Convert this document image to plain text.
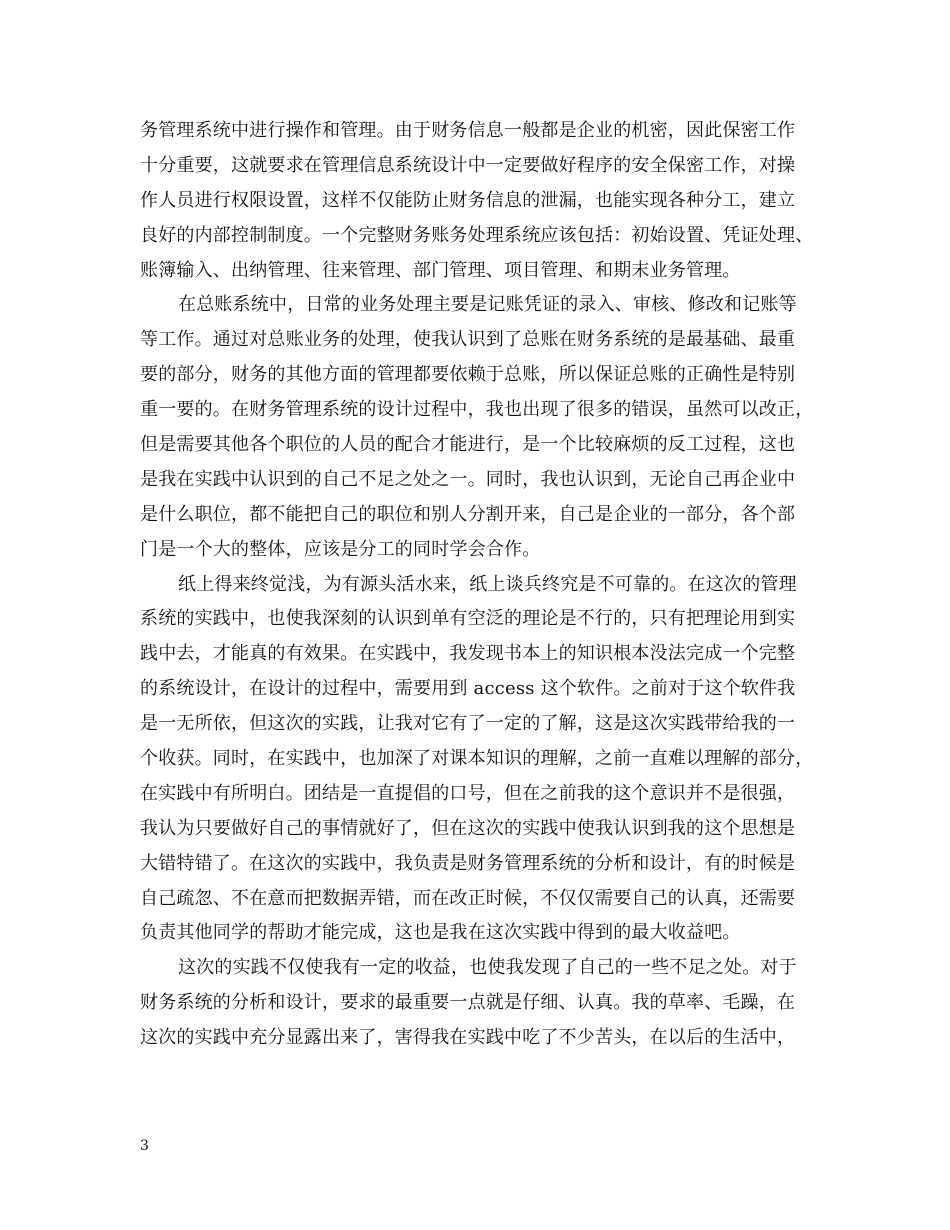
务管理系统中进行操作和管理。由于财务信息一般都是企业的机密，因此保密工作
十分重要，这就要求在管理信息系统设计中一定要做好程序的安全保密工作，对操
作人员进行权限设置，这样不仅能防止财务信息的泄漏，也能实现各种分工，建立
良好的内部控制制度。一个完整财务账务处理系统应该包括：初始设置、凭证处理、
账簿输入、出纳管理、往来管理、部门管理、项目管理、和期末业务管理。
在总账系统中，日常的业务处理主要是记账凭证的录入、审核、修改和记账等
等工作。通过对总账业务的处理，使我认识到了总账在财务系统的是最基础、最重
要的部分，财务的其他方面的管理都要依赖于总账，所以保证总账的正确性是特别
重一要的。在财务管理系统的设计过程中，我也出现了很多的错误，虽然可以改正，
但是需要其他各个职位的人员的配合才能进行，是一个比较麻烦的反工过程，这也
是我在实践中认识到的自己不足之处之一。同时，我也认识到，无论自己再企业中
是什么职位，都不能把自己的职位和别人分割开来，自己是企业的一部分，各个部
门是一个大的整体，应该是分工的同时学会合作。
纸上得来终觉浅，为有源头活水来，纸上谈兵终究是不可靠的。在这次的管理
系统的实践中，也使我深刻的认识到单有空泛的理论是不行的，只有把理论用到实
践中去，才能真的有效果。在实践中，我发现书本上的知识根本没法完成一个完整
的系统设计，在设计的过程中，需要用到 access 这个软件。之前对于这个软件我
是一无所依，但这次的实践，让我对它有了一定的了解，这是这次实践带给我的一
个收获。同时，在实践中，也加深了对课本知识的理解，之前一直难以理解的部分，
在实践中有所明白。团结是一直提倡的口号，但在之前我的这个意识并不是很强，
我认为只要做好自己的事情就好了，但在这次的实践中使我认识到我的这个思想是
大错特错了。在这次的实践中，我负责是财务管理系统的分析和设计，有的时候是
自己疏忽、不在意而把数据弄错，而在改正时候，不仅仅需要自己的认真，还需要
负责其他同学的帮助才能完成，这也是我在这次实践中得到的最大收益吧。
这次的实践不仅使我有一定的收益，也使我发现了自己的一些不足之处。对于
财务系统的分析和设计，要求的最重要一点就是仔细、认真。我的草率、毛躁，在
这次的实践中充分显露出来了，害得我在实践中吃了不少苦头，在以后的生活中，
3
